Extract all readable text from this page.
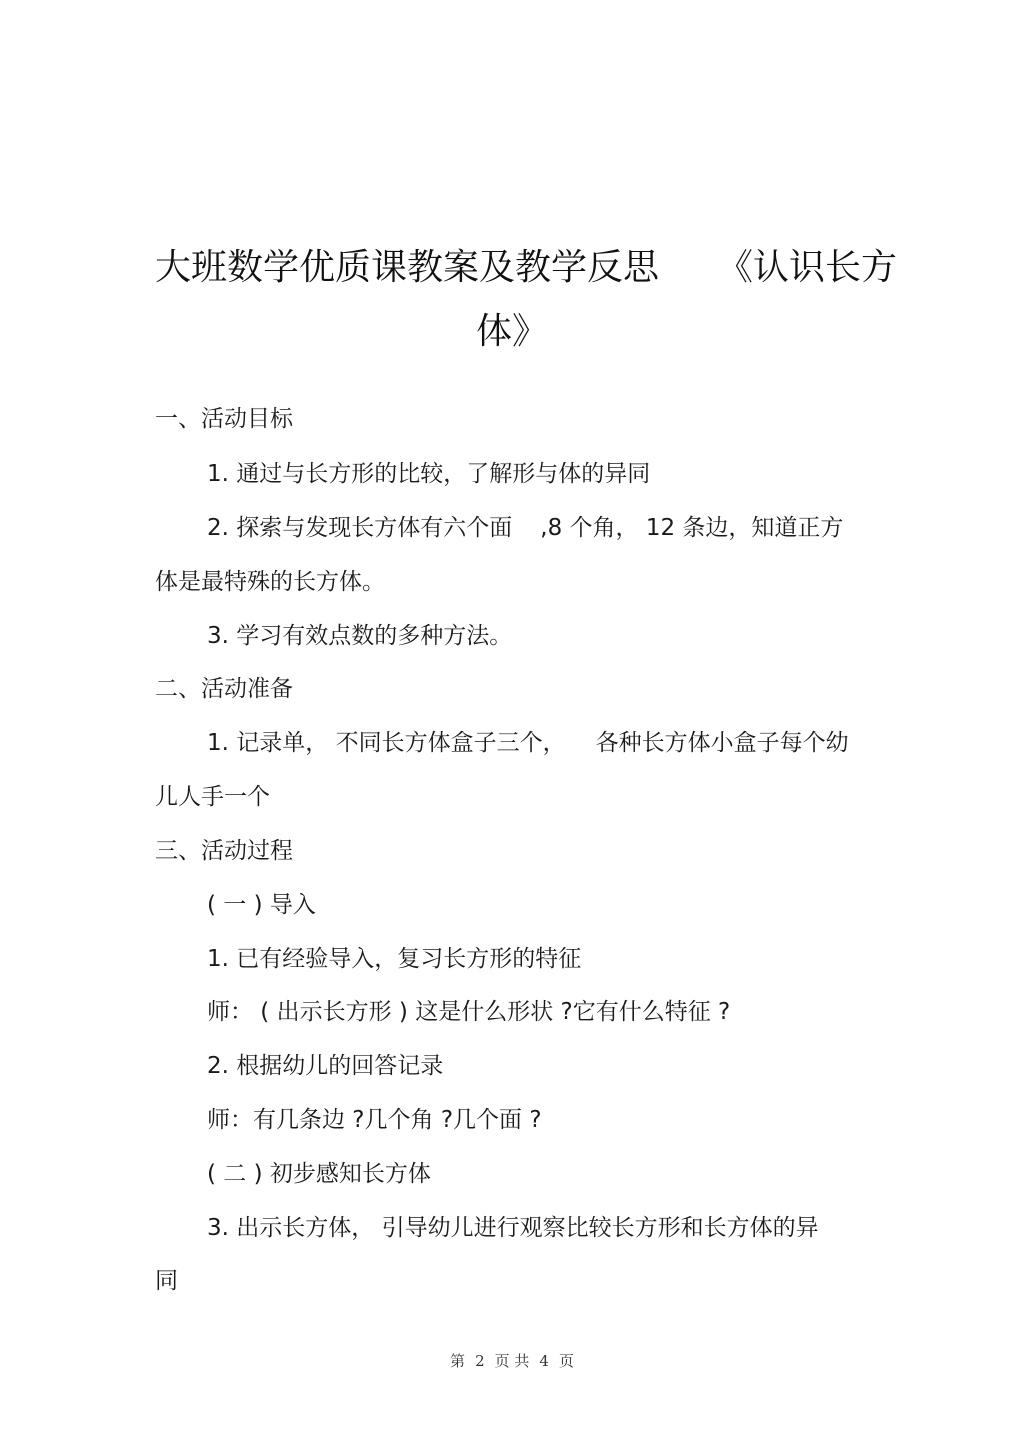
大班数学优质课教案及教学反思 《认识长方
体》
一、活动目标
1. 通过与长方形的比较，了解形与体的异同
2. 探索与发现长方体有六个面 ,8 个角， 12 条边，知道正方
体是最特殊的长方体。
3. 学习有效点数的多种方法。
二、活动准备
1. 记录单， 不同长方体盒子三个， 各种长方体小盒子每个幼
儿人手一个
三、活动过程
( 一 ) 导入
1. 已有经验导入，复习长方形的特征
师： ( 出示长方形 ) 这是什么形状 ?它有什么特征 ?
2. 根据幼儿的回答记录
师：有几条边 ?几个角 ?几个面 ?
( 二 ) 初步感知长方体
3. 出示长方体， 引导幼儿进行观察比较长方形和长方体的异
同
第 2 页 共 4 页
